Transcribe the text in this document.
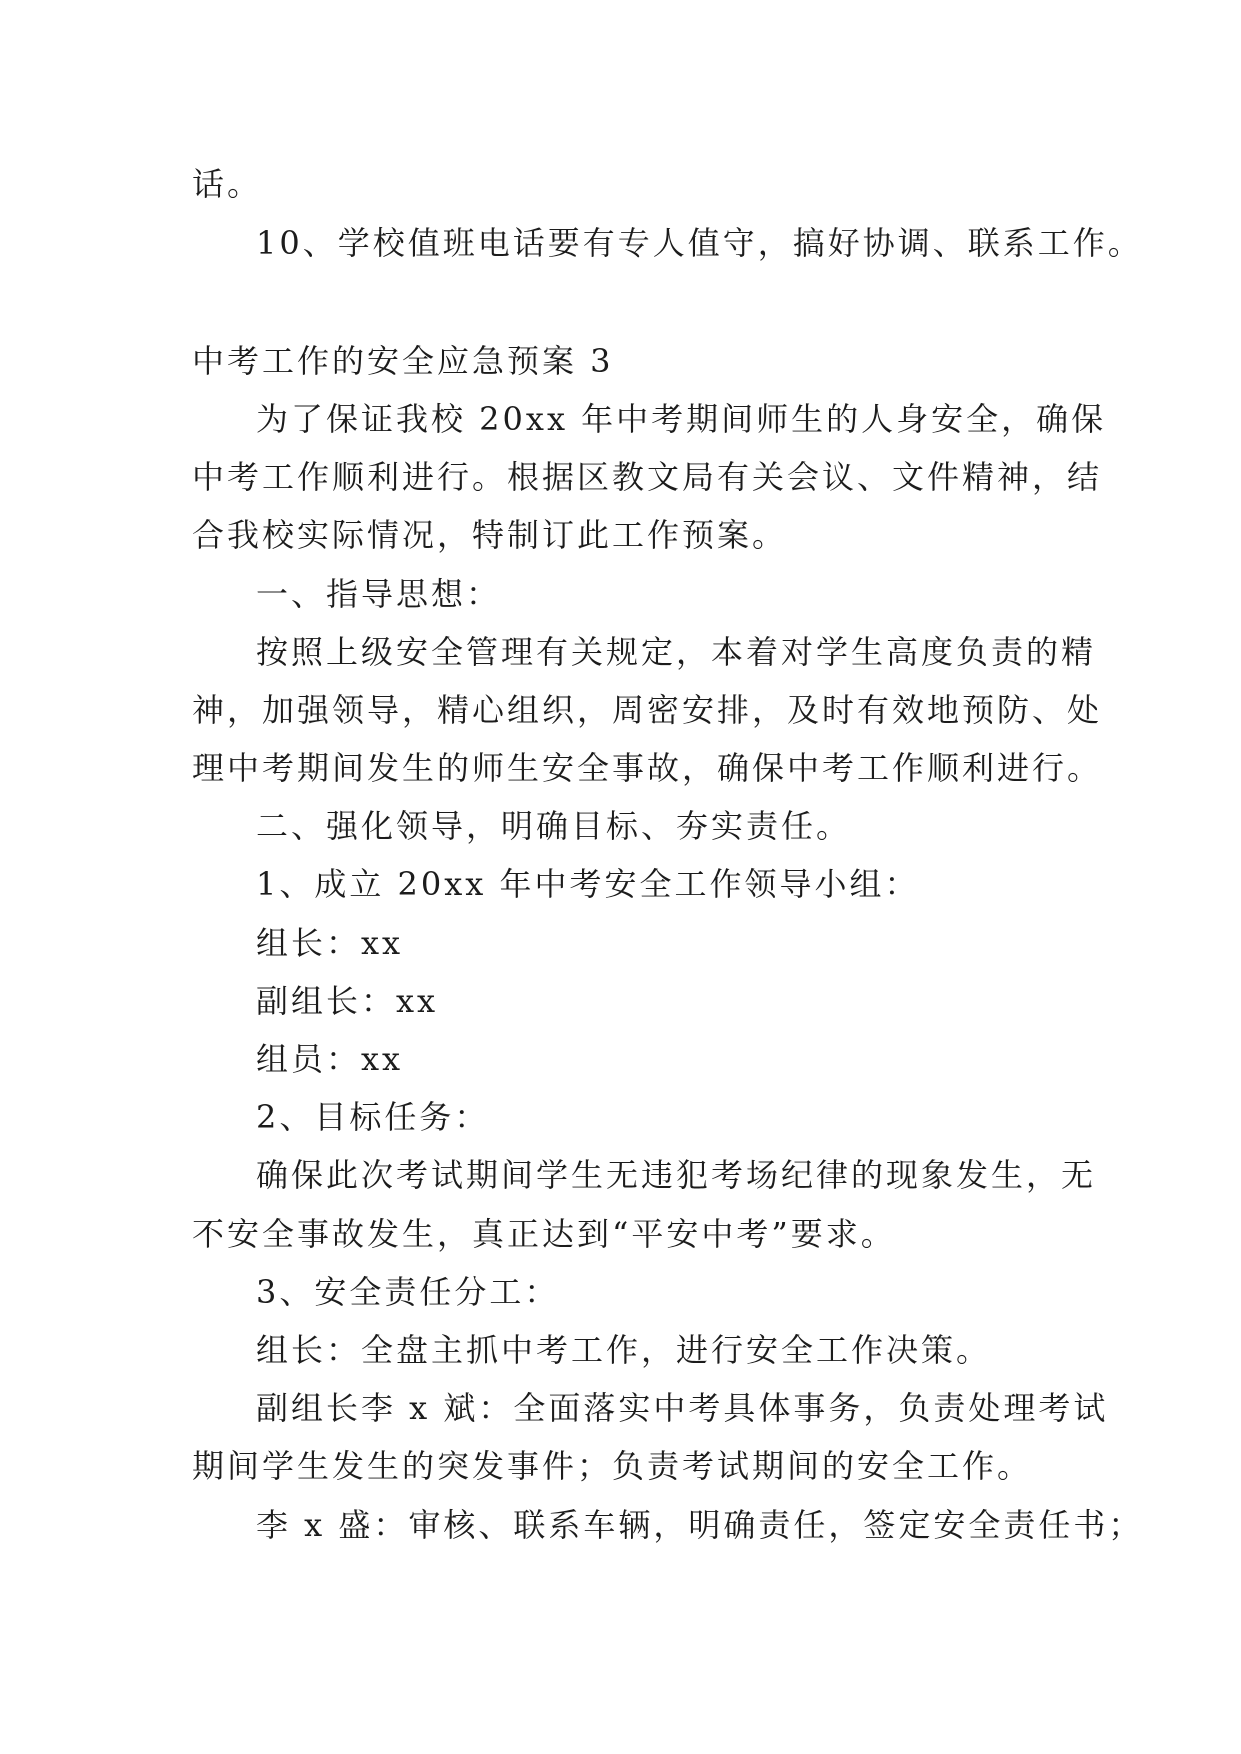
话。
10、学校值班电话要有专人值守，搞好协调、联系工作。
中考工作的安全应急预案 3
为了保证我校 20xx 年中考期间师生的人身安全，确保
中考工作顺利进行。根据区教文局有关会议、文件精神，结
合我校实际情况，特制订此工作预案。
一、指导思想：
按照上级安全管理有关规定，本着对学生高度负责的精
神，加强领导，精心组织，周密安排，及时有效地预防、处
理中考期间发生的师生安全事故，确保中考工作顺利进行。
二、强化领导，明确目标、夯实责任。
1、成立 20xx 年中考安全工作领导小组：
组长：xx
副组长：xx
组员：xx
2、目标任务：
确保此次考试期间学生无违犯考场纪律的现象发生，无
不安全事故发生，真正达到“平安中考”要求。
3、安全责任分工：
组长：全盘主抓中考工作，进行安全工作决策。
副组长李 x 斌：全面落实中考具体事务，负责处理考试
期间学生发生的突发事件；负责考试期间的安全工作。
李 x 盛：审核、联系车辆，明确责任，签定安全责任书；
